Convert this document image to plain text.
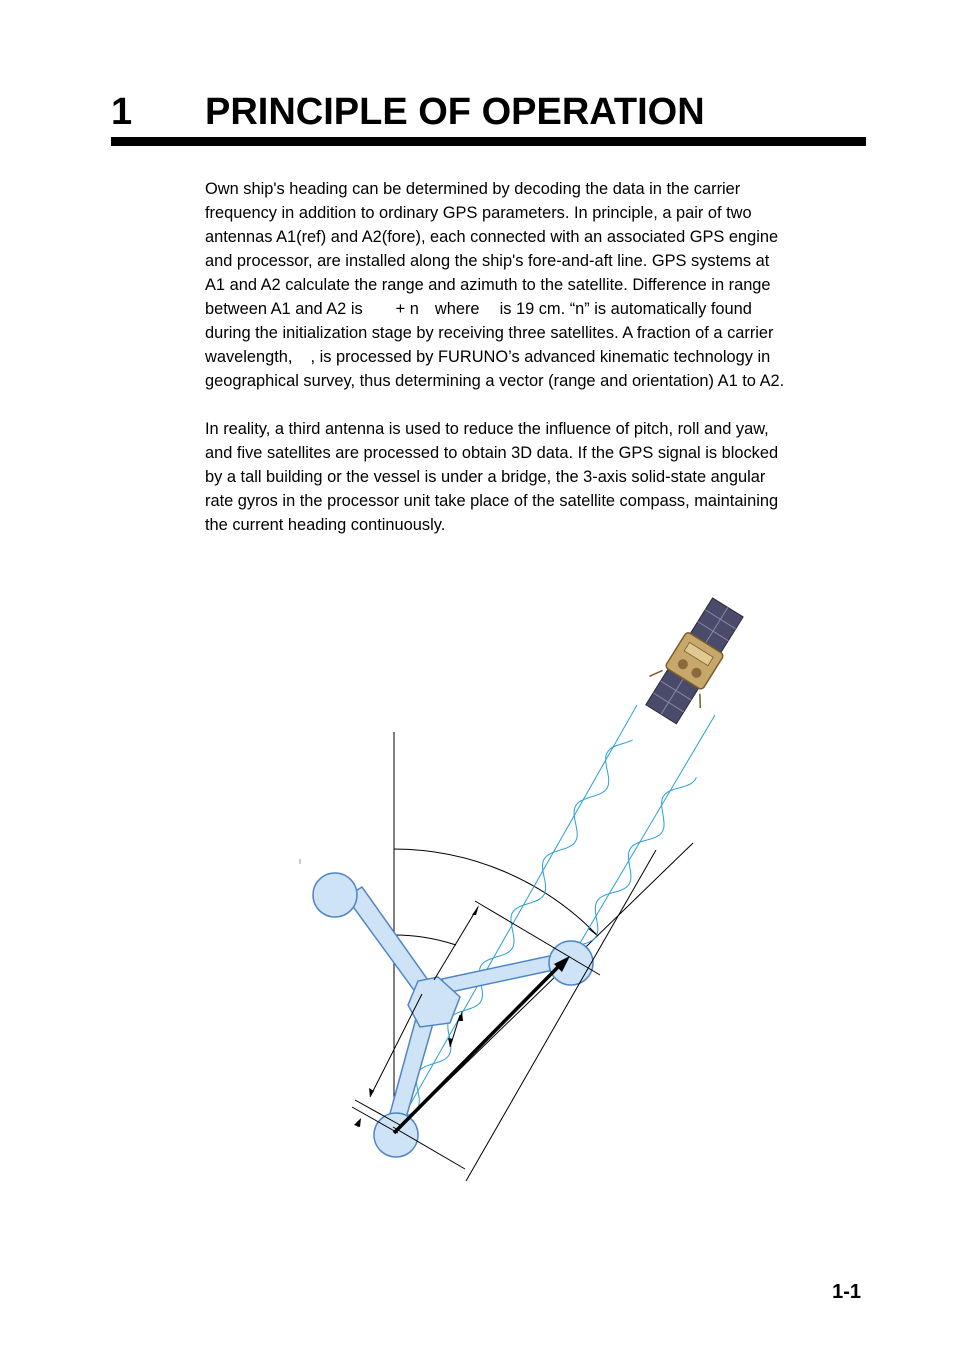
1 PRINCIPLE OF OPERATION
Own ship's heading can be determined by decoding the data in the carrier
frequency in addition to ordinary GPS parameters. In principle, a pair of two
antennas A1(ref) and A2(fore), each connected with an associated GPS engine
and processor, are installed along the ship's fore-and-aft line. GPS systems at
A1 and A2 calculate the range and azimuth to the satellite. Difference in range
between A1 and A2 is + n where is 19 cm. “n” is automatically found
during the initialization stage by receiving three satellites. A fraction of a carrier
wavelength, , is processed by FURUNO’s advanced kinematic technology in
geographical survey, thus determining a vector (range and orientation) A1 to A2.
In reality, a third antenna is used to reduce the influence of pitch, roll and yaw,
and five satellites are processed to obtain 3D data. If the GPS signal is blocked
by a tall building or the vessel is under a bridge, the 3-axis solid-state angular
rate gyros in the processor unit take place of the satellite compass, maintaining
the current heading continuously.
1-1
